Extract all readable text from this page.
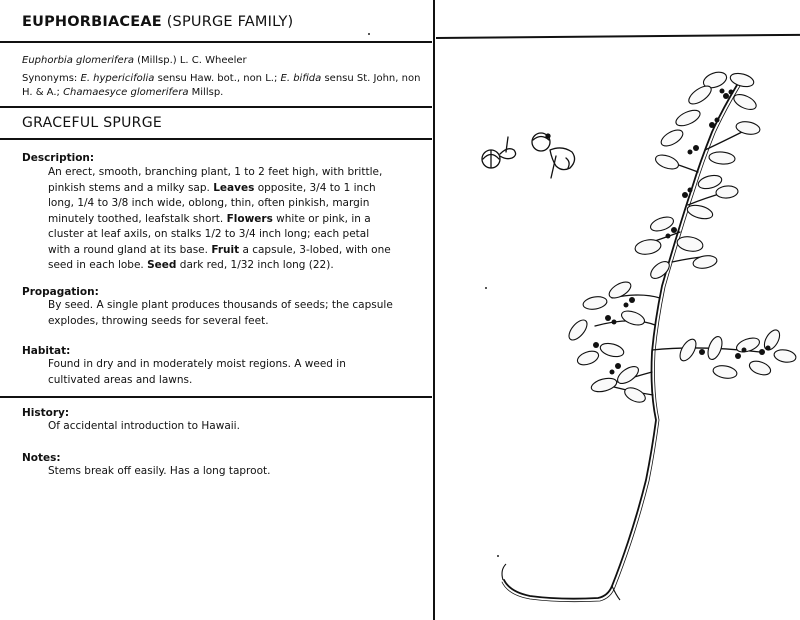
EUPHORBIACEAE (SPURGE FAMILY)
Euphorbia glomerifera (Millsp.) L. C. Wheeler
Synonyms: E. hypericifolia sensu Haw. bot., non L.; E. bifida sensu St. John, non H. & A.; Chamaesyce glomerifera Millsp.
GRACEFUL SPURGE
Description:
An erect, smooth, branching plant, 1 to 2 feet high, with brittle, pinkish stems and a milky sap. Leaves opposite, 3/4 to 1 inch long, 1/4 to 3/8 inch wide, oblong, thin, often pinkish, margin minutely toothed, leafstalk short. Flowers white or pink, in a cluster at leaf axils, on stalks 1/2 to 3/4 inch long; each petal with a round gland at its base. Fruit a capsule, 3-lobed, with one seed in each lobe. Seed dark red, 1/32 inch long (22).
Propagation:
By seed. A single plant produces thousands of seeds; the capsule explodes, throwing seeds for several feet.
Habitat:
Found in dry and in moderately moist regions. A weed in cultivated areas and lawns.
History:
Of accidental introduction to Hawaii.
Notes:
Stems break off easily. Has a long taproot.
